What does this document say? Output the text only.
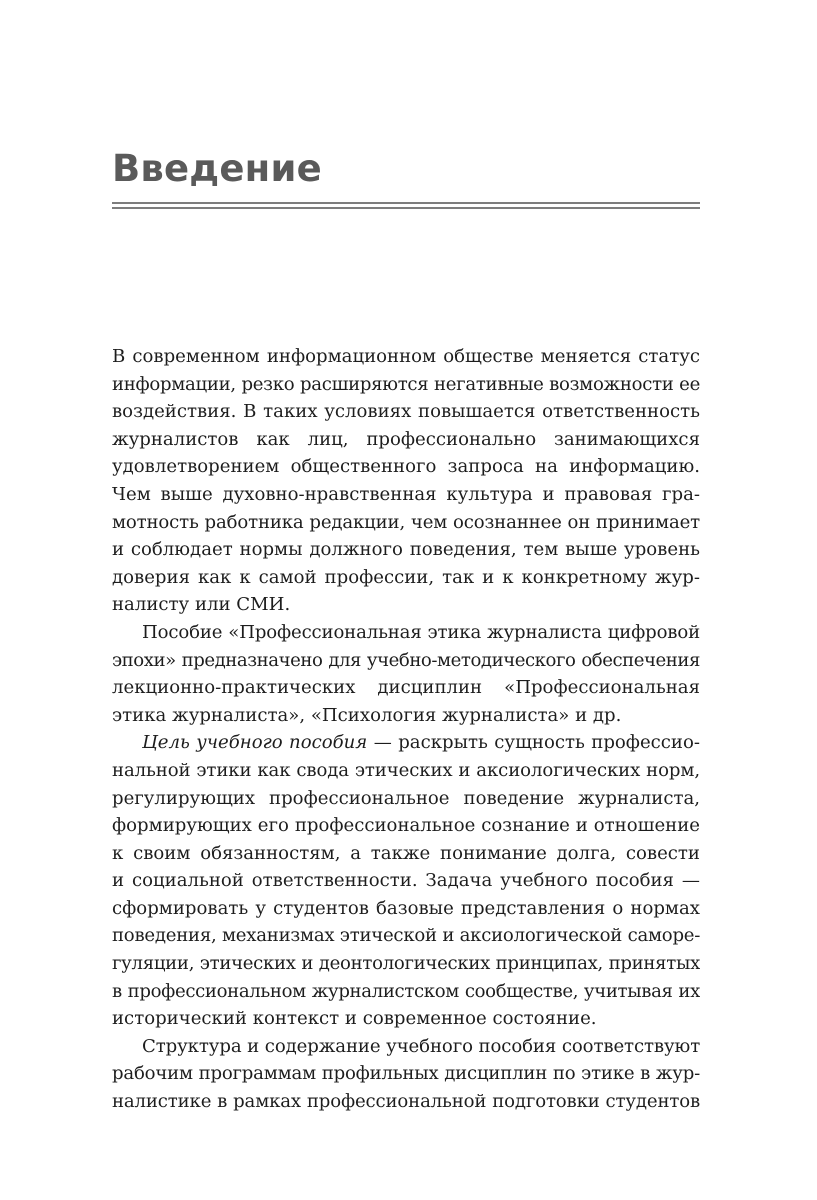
Введение

В современном информационном обществе меняется статус
информации, резко расширяются негативные возможности ее
воздействия. В таких условиях повышается ответственность
журналистов как лиц, профессионально занимающихся
удовлетворением общественного запроса на информацию.
Чем выше духовно-нравственная культура и правовая гра-
мотность работника редакции, чем осознаннее он принимает
и соблюдает нормы должного поведения, тем выше уровень
доверия как к самой профессии, так и к конкретному жур-
налисту или СМИ.

Пособие «Профессиональная этика журналиста цифровой
эпохи» предназначено для учебно-методического обеспечения
лекционно-практических дисциплин «Профессиональная
этика журналиста», «Психология журналиста» и др.

Цель учебного пособия — раскрыть сущность профессио-
нальной этики как свода этических и аксиологических норм,
регулирующих профессиональное поведение журналиста,
формирующих его профессиональное сознание и отношение
к своим обязанностям, а также понимание долга, совести
и социальной ответственности. Задача учебного пособия —
сформировать у студентов базовые представления о нормах
поведения, механизмах этической и аксиологической саморе-
гуляции, этических и деонтологических принципах, принятых
в профессиональном журналистском сообществе, учитывая их
исторический контекст и современное состояние.

Структура и содержание учебного пособия соответствуют
рабочим программам профильных дисциплин по этике в жур-
налистике в рамках профессиональной подготовки студентов
